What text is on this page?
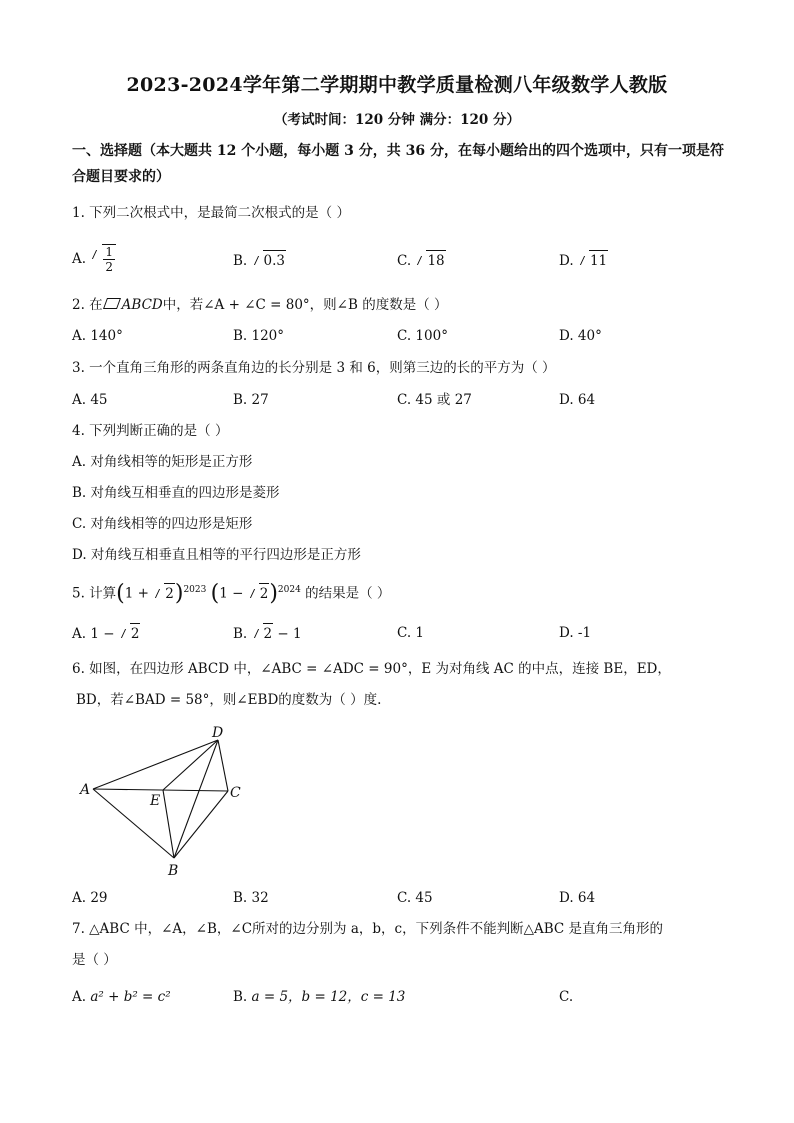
2023-2024学年第二学期期中教学质量检测八年级数学人教版
（考试时间：120 分钟 满分：120 分）
一、选择题（本大题共 12 个小题，每小题 3 分，共 36 分，在每小题给出的四个选项中，只有一项是符合题目要求的）
1. 下列二次根式中，是最简二次根式的是（ ）
A. $\frac{1}{2}$	B. 0.3	C. 18	D. 11
2. 在 ABCD中，若∠A + ∠C = 80°，则∠B 的度数是（ ）
A. 140°	B. 120°	C. 100°	D. 40°
3. 一个直角三角形的两条直角边的长分别是 3 和 6，则第三边的长的平方为（ ）
A. 45	B. 27	C. 45 或 27	D. 64
4. 下列判断正确的是（ ）
A. 对角线相等的矩形是正方形
B. 对角线互相垂直的四边形是菱形
C. 对角线相等的四边形是矩形
D. 对角线互相垂直且相等的平行四边形是正方形
5. 计算$(1 + 2)^{2023}$ $(1 - 2)^{2024}$ 的结果是（ ）
A. 1 − 2	B. 2 − 1	C. 1	D. -1
6. 如图，在四边形 ABCD 中，∠ABC = ∠ADC = 90°，E 为对角线 AC 的中点，连接 BE，ED，
BD，若∠BAD = 58°，则∠EBD的度数为（ ）度.
A
D
C
E
B
A. 29	B. 32	C. 45	D. 64
7. △ABC 中，∠A，∠B，∠C所对的边分别为 a，b，c，下列条件不能判断△ABC 是直角三角形的
是（ ）
A. a² + b² = c²	B. a = 5，b = 12，c = 13	C.
